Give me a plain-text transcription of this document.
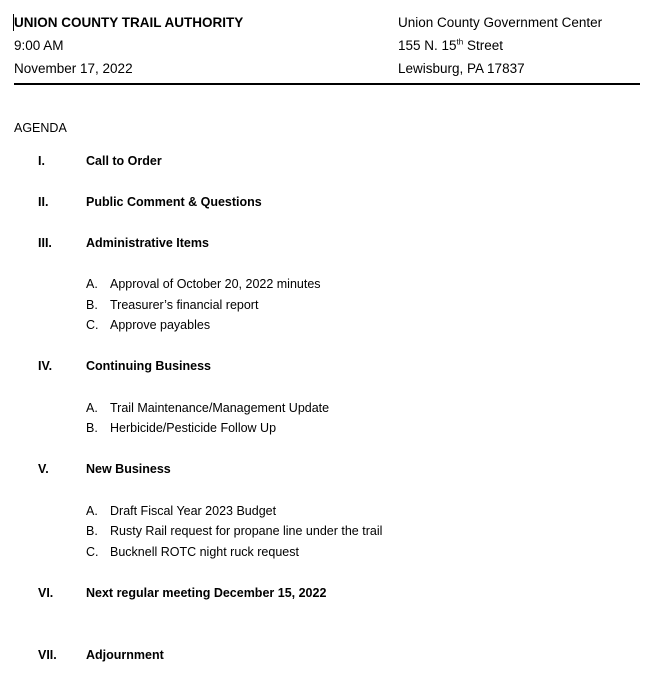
UNION COUNTY TRAIL AUTHORITY
9:00 AM
November 17, 2022
Union County Government Center
155 N. 15th Street
Lewisburg, PA 17837
AGENDA
I.	Call to Order
II.	Public Comment & Questions
III.	Administrative Items
A. Approval of October 20, 2022 minutes
B. Treasurer’s financial report
C. Approve payables
IV.	Continuing Business
A. Trail Maintenance/Management Update
B. Herbicide/Pesticide Follow Up
V.	New Business
A. Draft Fiscal Year 2023 Budget
B. Rusty Rail request for propane line under the trail
C. Bucknell ROTC night ruck request
VI.	Next regular meeting December 15, 2022
VII. Adjournment
